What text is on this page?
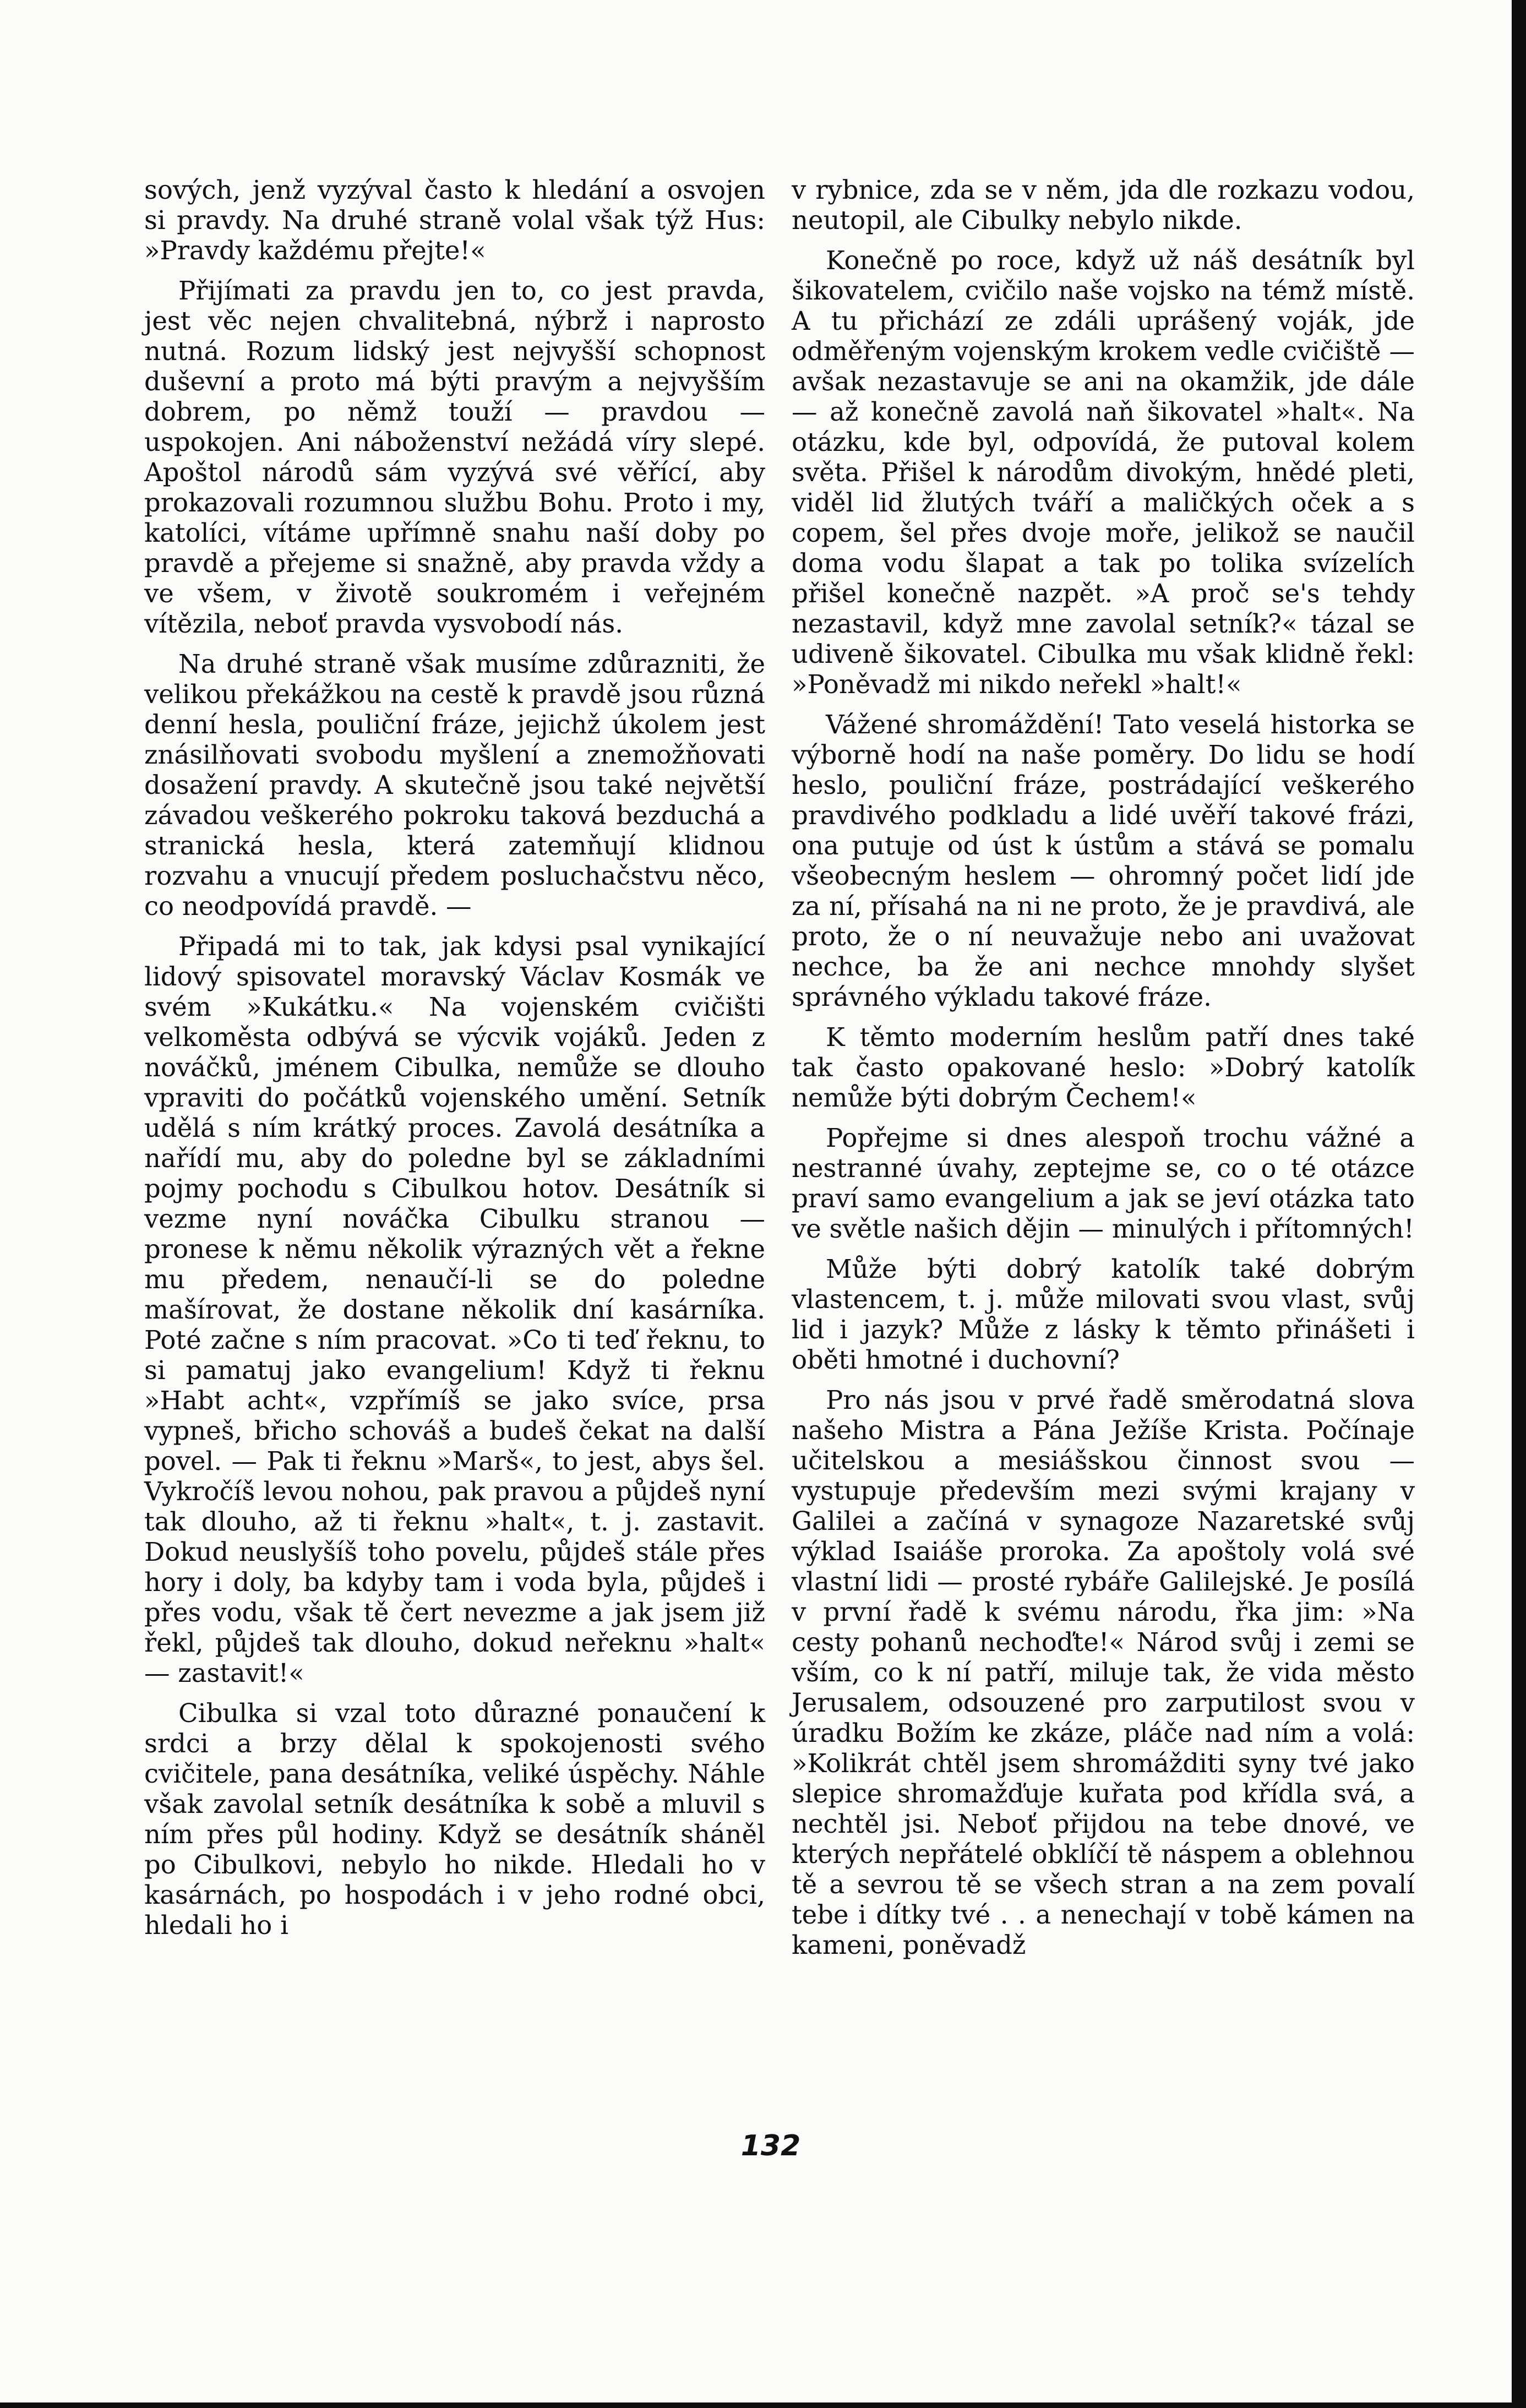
sových, jenž vyzýval často k hledání a osvojen si pravdy. Na druhé straně volal však týž Hus: »Pravdy každému přejte!«

Přijímati za pravdu jen to, co jest pravda, jest věc nejen chvalitebná, nýbrž i naprosto nutná. Rozum lidský jest nejvyšší schopnost duševní a proto má býti pravým a nejvyšším dobrem, po němž touží — pravdou — uspokojen. Ani náboženství nežádá víry slepé. Apoštol národů sám vyzývá své věřící, aby prokazovali rozumnou službu Bohu. Proto i my, katolíci, vítáme upřímně snahu naší doby po pravdě a přejeme si snažně, aby pravda vždy a ve všem, v životě soukromém i veřejném vítězila, neboť pravda vysvobodí nás.

Na druhé straně však musíme zdůrazniti, že velikou překážkou na cestě k pravdě jsou různá denní hesla, pouliční fráze, jejichž úkolem jest znásilňovati svobodu myšlení a znemožňovati dosažení pravdy. A skutečně jsou také největší závadou veškerého pokroku taková bezduchá a stranická hesla, která zatemňují klidnou rozvahu a vnucují předem posluchačstvu něco, co neodpovídá pravdě. —

Připadá mi to tak, jak kdysi psal vynikající lidový spisovatel moravský Václav Kosmák ve svém »Kukátku.« Na vojenském cvičišti velkoměsta odbývá se výcvik vojáků. Jeden z nováčků, jménem Cibulka, nemůže se dlouho vpraviti do počátků vojenského umění. Setník udělá s ním krátký proces. Zavolá desátníka a nařídí mu, aby do poledne byl se základními pojmy pochodu s Cibulkou hotov. Desátník si vezme nyní nováčka Cibulku stranou — pronese k němu několik výrazných vět a řekne mu předem, nenaučí-li se do poledne mašírovat, že dostane několik dní kasárníka. Poté začne s ním pracovat. »Co ti teď řeknu, to si pamatuj jako evangelium! Když ti řeknu »Habt acht«, vzpřímíš se jako svíce, prsa vypneš, břicho schováš a budeš čekat na další povel. — Pak ti řeknu »Marš«, to jest, abys šel. Vykročíš levou nohou, pak pravou a půjdeš nyní tak dlouho, až ti řeknu »halt«, t. j. zastavit. Dokud neuslyšíš toho povelu, půjdeš stále přes hory i doly, ba kdyby tam i voda byla, půjdeš i přes vodu, však tě čert nevezme a jak jsem již řekl, půjdeš tak dlouho, dokud neřeknu »halt« — zastavit!«

Cibulka si vzal toto důrazné ponaučení k srdci a brzy dělal k spokojenosti svého cvičitele, pana desátníka, veliké úspěchy. Náhle však zavolal setník desátníka k sobě a mluvil s ním přes půl hodiny. Když se desátník sháněl po Cibulkovi, nebylo ho nikde. Hledali ho v kasárnách, po hospodách i v jeho rodné obci, hledali ho i

v rybnice, zda se v něm, jda dle rozkazu vodou, neutopil, ale Cibulky nebylo nikde.

Konečně po roce, když už náš desátník byl šikovatelem, cvičilo naše vojsko na témž místě. A tu přichází ze zdáli uprášený voják, jde odměřeným vojenským krokem vedle cvičiště — avšak nezastavuje se ani na okamžik, jde dále — až konečně zavolá naň šikovatel »halt«. Na otázku, kde byl, odpovídá, že putoval kolem světa. Přišel k národům divokým, hnědé pleti, viděl lid žlutých tváří a maličkých oček a s copem, šel přes dvoje moře, jelikož se naučil doma vodu šlapat a tak po tolika svízelích přišel konečně nazpět. »A proč se's tehdy nezastavil, když mne zavolal setník?« tázal se udiveně šikovatel. Cibulka mu však klidně řekl: »Poněvadž mi nikdo neřekl »halt!«

Vážené shromáždění! Tato veselá historka se výborně hodí na naše poměry. Do lidu se hodí heslo, pouliční fráze, postrádající veškerého pravdivého podkladu a lidé uvěří takové frázi, ona putuje od úst k ústům a stává se pomalu všeobecným heslem — ohromný počet lidí jde za ní, přísahá na ni ne proto, že je pravdivá, ale proto, že o ní neuvažuje nebo ani uvažovat nechce, ba že ani nechce mnohdy slyšet správného výkladu takové fráze.

K těmto moderním heslům patří dnes také tak často opakované heslo: »Dobrý katolík nemůže býti dobrým Čechem!«

Popřejme si dnes alespoň trochu vážné a nestranné úvahy, zeptejme se, co o té otázce praví samo evangelium a jak se jeví otázka tato ve světle našich dějin — minulých i přítomných!

Může býti dobrý katolík také dobrým vlastencem, t. j. může milovati svou vlast, svůj lid i jazyk? Může z lásky k těmto přinášeti i oběti hmotné i duchovní?

Pro nás jsou v prvé řadě směrodatná slova našeho Mistra a Pána Ježíše Krista. Počínaje učitelskou a mesiášskou činnost svou — vystupuje především mezi svými krajany v Galilei a začíná v synagoze Nazaretské svůj výklad Isaiáše proroka. Za apoštoly volá své vlastní lidi — prosté rybáře Galilejské. Je posílá v první řadě k svému národu, řka jim: »Na cesty pohanů nechoďte!« Národ svůj i zemi se vším, co k ní patří, miluje tak, že vida město Jerusalem, odsouzené pro zarputilost svou v úradku Božím ke zkáze, pláče nad ním a volá: »Kolikrát chtěl jsem shromážditi syny tvé jako slepice shromažďuje kuřata pod křídla svá, a nechtěl jsi. Neboť přijdou na tebe dnové, ve kterých nepřátelé obklíčí tě náspem a oblehnou tě a sevrou tě se všech stran a na zem povalí tebe i dítky tvé . . a nenechají v tobě kámen na kameni, poněvadž

132
